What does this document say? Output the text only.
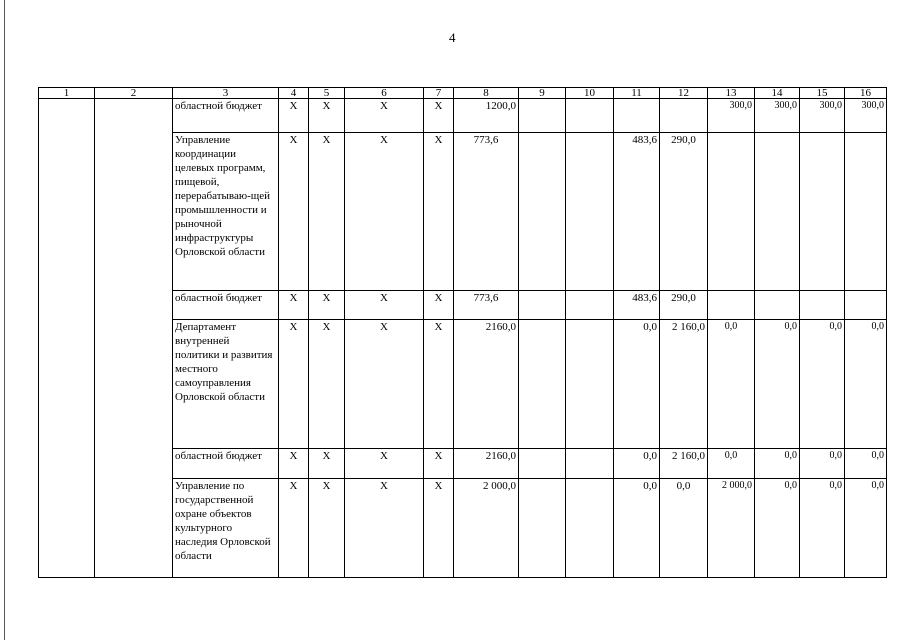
4
1	2	3	4	5	6	7	8	9	10	11	12	13	14	15	16
		областной бюджет	Х	Х	Х	Х	1200,0					300,0	300,0	300,0	300,0
		Управление координации целевых программ, пищевой, перерабатываю-щей промышленности и рыночной инфраструктуры Орловской области	Х	Х	Х	Х	773,6			483,6	290,0				
		областной бюджет	Х	Х	Х	Х	773,6			483,6	290,0				
		Департамент внутренней политики и развития местного самоуправления Орловской области	Х	Х	Х	Х	2160,0			0,0	2 160,0	0,0	0,0	0,0	0,0
		областной бюджет	Х	Х	Х	Х	2160,0			0,0	2 160,0	0,0	0,0	0,0	0,0
		Управление по государственной охране объектов культурного наследия Орловской области	Х	Х	Х	Х	2 000,0			0,0	0,0	2 000,0	0,0	0,0	0,0
